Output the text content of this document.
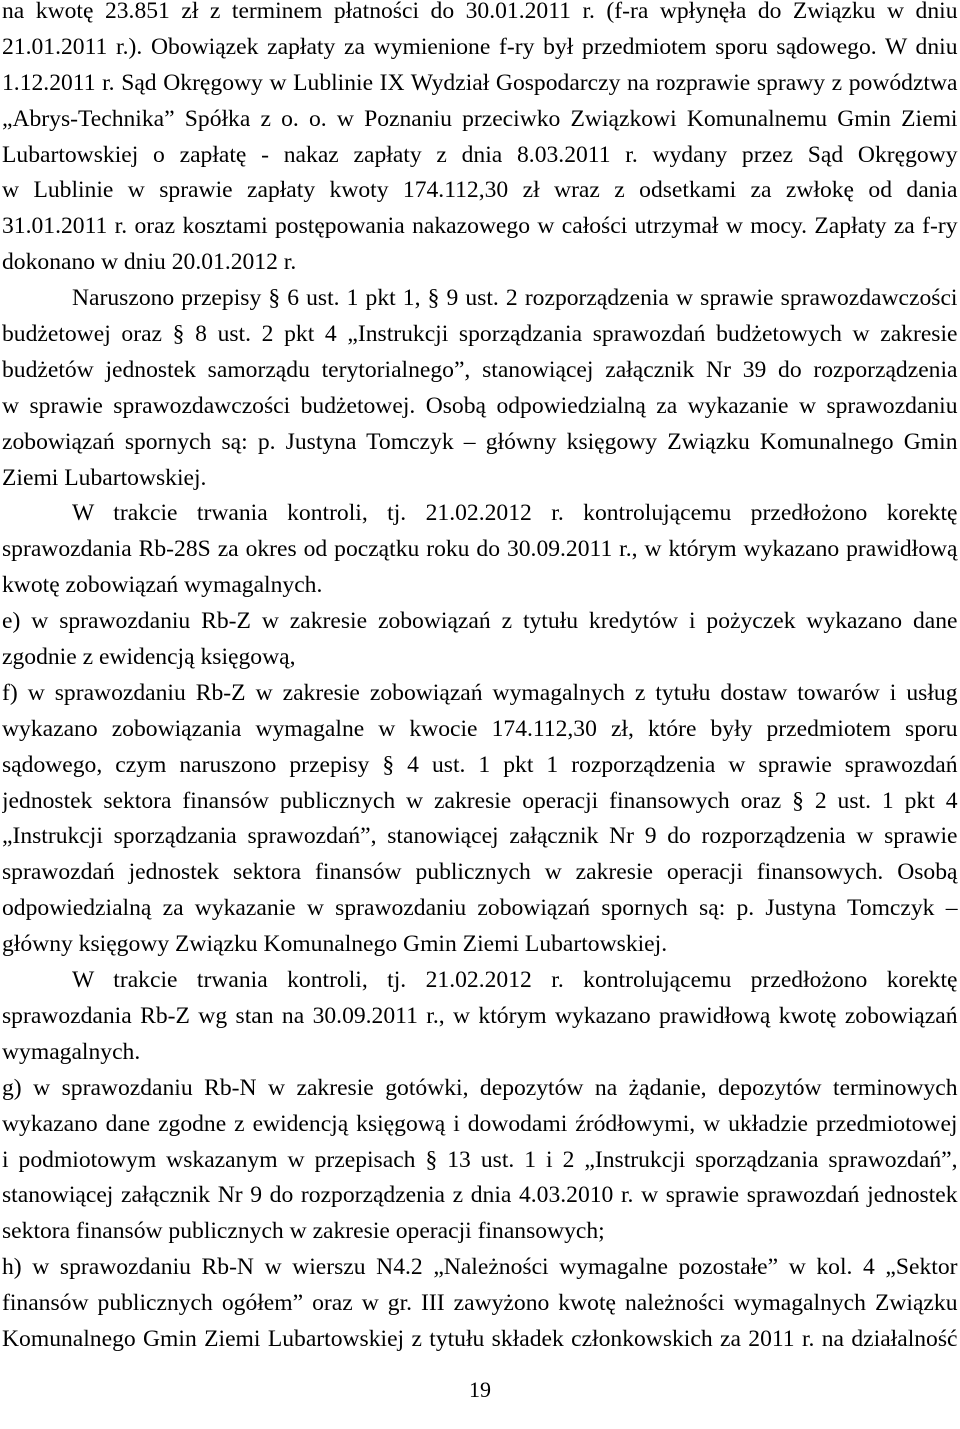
na kwotę 23.851 zł z terminem płatności do 30.01.2011 r. (f-ra wpłynęła do Związku w dniu
21.01.2011 r.). Obowiązek zapłaty za wymienione f-ry był przedmiotem sporu sądowego. W dniu
1.12.2011 r. Sąd Okręgowy w Lublinie IX Wydział Gospodarczy na rozprawie sprawy z powództwa
„Abrys-Technika” Spółka z o. o. w Poznaniu przeciwko Związkowi Komunalnemu Gmin Ziemi
Lubartowskiej o zapłatę - nakaz zapłaty z dnia 8.03.2011 r. wydany przez Sąd Okręgowy
w Lublinie w sprawie zapłaty kwoty 174.112,30 zł wraz z odsetkami za zwłokę od dania
31.01.2011 r. oraz kosztami postępowania nakazowego w całości utrzymał w mocy. Zapłaty za f-ry
dokonano w dniu 20.01.2012 r.
Naruszono przepisy § 6 ust. 1 pkt 1, § 9 ust. 2 rozporządzenia w sprawie sprawozdawczości
budżetowej oraz § 8 ust. 2 pkt 4 „Instrukcji sporządzania sprawozdań budżetowych w zakresie
budżetów jednostek samorządu terytorialnego”, stanowiącej załącznik Nr 39 do rozporządzenia
w sprawie sprawozdawczości budżetowej. Osobą odpowiedzialną za wykazanie w sprawozdaniu
zobowiązań spornych są: p. Justyna Tomczyk – główny księgowy Związku Komunalnego Gmin
Ziemi Lubartowskiej.
W trakcie trwania kontroli, tj. 21.02.2012 r. kontrolującemu przedłożono korektę
sprawozdania Rb-28S za okres od początku roku do 30.09.2011 r., w którym wykazano prawidłową
kwotę zobowiązań wymagalnych.
e) w sprawozdaniu Rb-Z w zakresie zobowiązań z tytułu kredytów i pożyczek wykazano dane
zgodnie z ewidencją księgową,
f) w sprawozdaniu Rb-Z w zakresie zobowiązań wymagalnych z tytułu dostaw towarów i usług
wykazano zobowiązania wymagalne w kwocie 174.112,30 zł, które były przedmiotem sporu
sądowego, czym naruszono przepisy § 4 ust. 1 pkt 1 rozporządzenia w sprawie sprawozdań
jednostek sektora finansów publicznych w zakresie operacji finansowych oraz § 2 ust. 1 pkt 4
„Instrukcji sporządzania sprawozdań”, stanowiącej załącznik Nr 9 do rozporządzenia w sprawie
sprawozdań jednostek sektora finansów publicznych w zakresie operacji finansowych. Osobą
odpowiedzialną za wykazanie w sprawozdaniu zobowiązań spornych są: p. Justyna Tomczyk –
główny księgowy Związku Komunalnego Gmin Ziemi Lubartowskiej.
W trakcie trwania kontroli, tj. 21.02.2012 r. kontrolującemu przedłożono korektę
sprawozdania Rb-Z wg stan na 30.09.2011 r., w którym wykazano prawidłową kwotę zobowiązań
wymagalnych.
g) w sprawozdaniu Rb-N w zakresie gotówki, depozytów na żądanie, depozytów terminowych
wykazano dane zgodne z ewidencją księgową i dowodami źródłowymi, w układzie przedmiotowej
i podmiotowym wskazanym w przepisach § 13 ust. 1 i 2 „Instrukcji sporządzania sprawozdań”,
stanowiącej załącznik Nr 9 do rozporządzenia z dnia 4.03.2010 r. w sprawie sprawozdań jednostek
sektora finansów publicznych w zakresie operacji finansowych;
h) w sprawozdaniu Rb-N w wierszu N4.2 „Należności wymagalne pozostałe” w kol. 4 „Sektor
finansów publicznych ogółem” oraz w gr. III zawyżono kwotę należności wymagalnych Związku
Komunalnego Gmin Ziemi Lubartowskiej z tytułu składek członkowskich za 2011 r. na działalność
19
